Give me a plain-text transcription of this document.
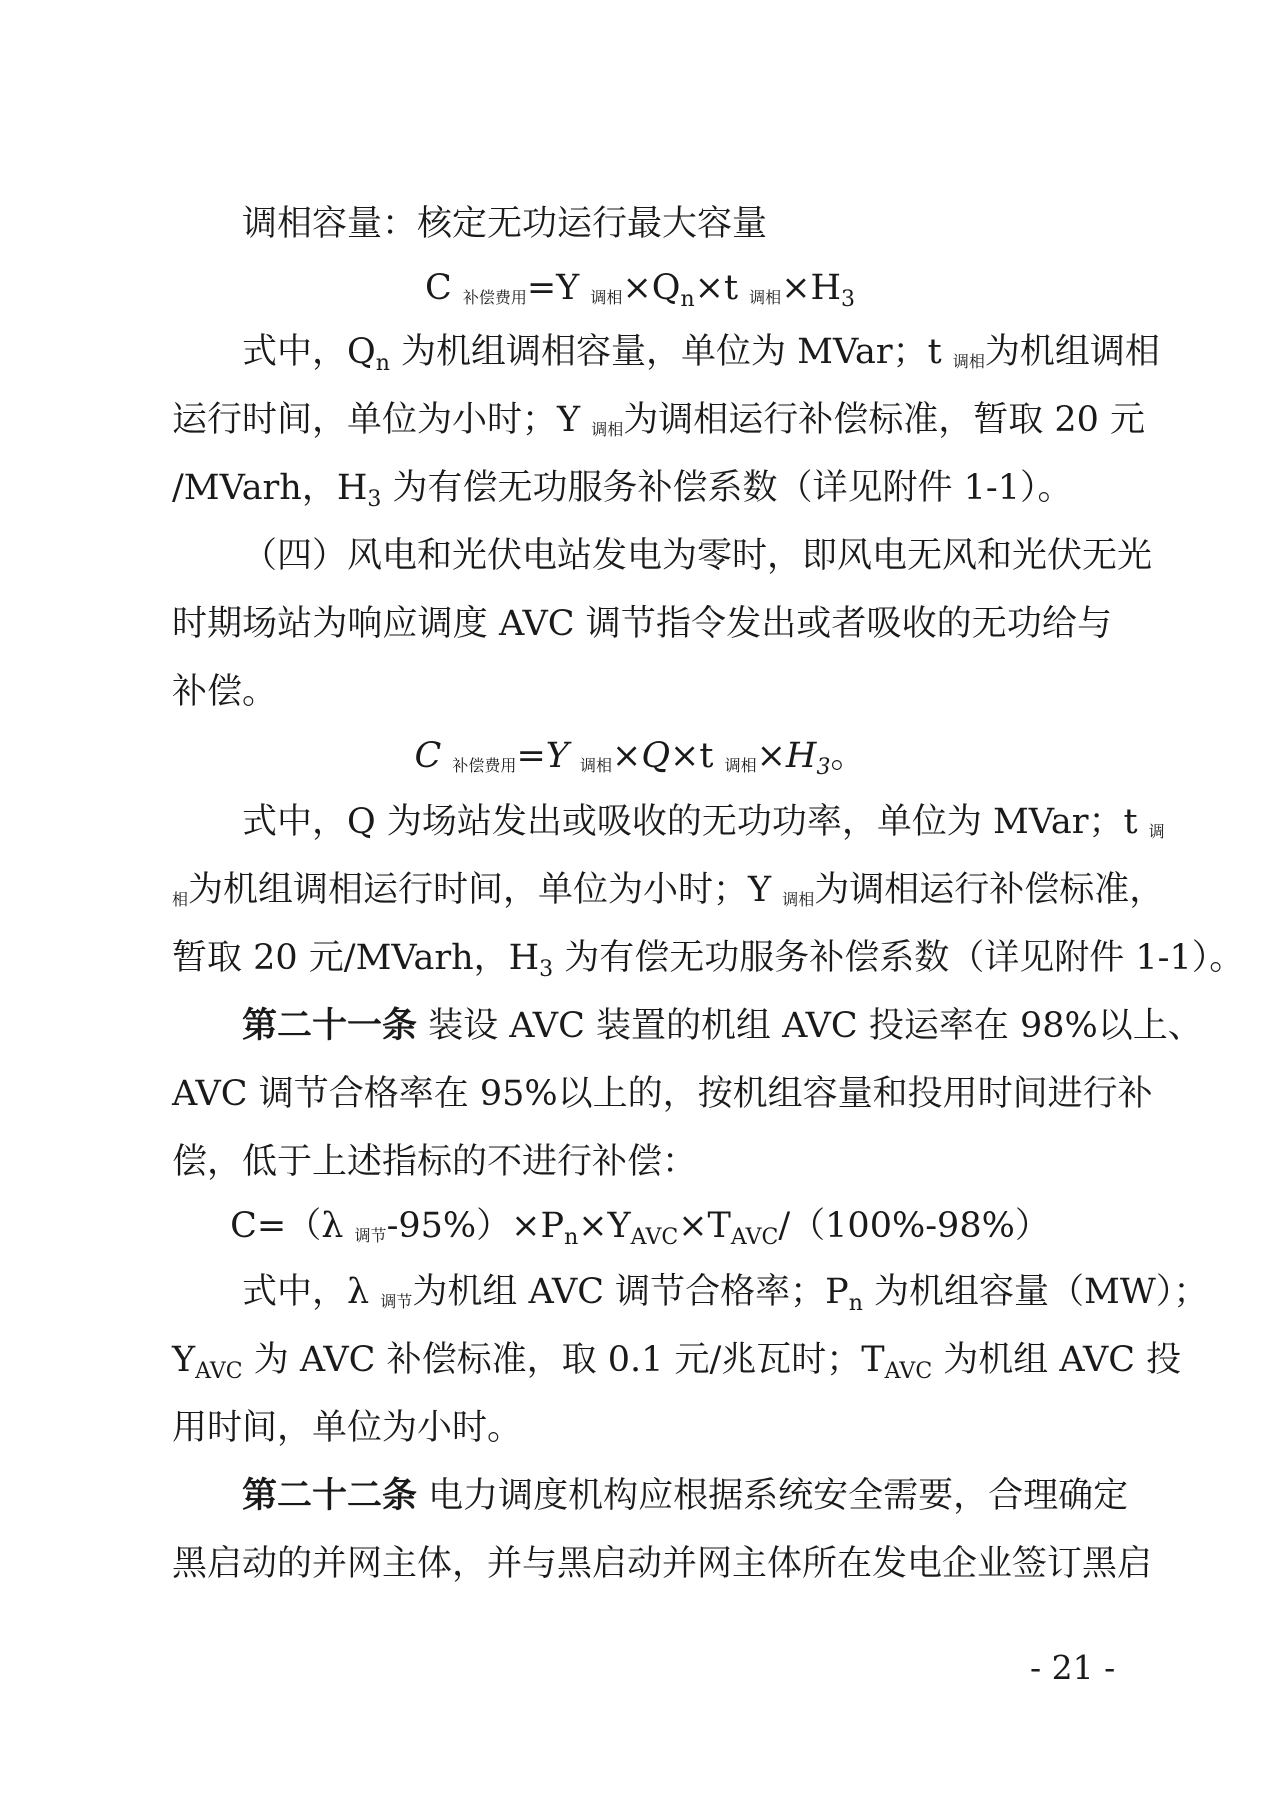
调相容量：核定无功运行最大容量
C $_{补偿费用}$=Y $_{调相}\times Q_n\times t$ $_{调相}\times H_3$
式中，$Q_n$ 为机组调相容量，单位为 MVar；t $_{调相}$为机组调相
运行时间，单位为小时；Y $_{调相}$为调相运行补偿标准，暂取 20 元
/MVarh，$H_3$ 为有偿无功服务补偿系数（详见附件 1-1）。
（四）风电和光伏电站发电为零时，即风电无风和光伏无光
时期场站为响应调度 AVC 调节指令发出或者吸收的无功给与
补偿。
C $_{补偿费用}$=Y $_{调相}$×Q×t $_{调相}\times H_3$。
式中，Q 为场站发出或吸收的无功功率，单位为 MVar；t $_调$
$_相$为机组调相运行时间，单位为小时；Y $_{调相}$为调相运行补偿标准，
暂取 20 元/MVarh，$H_3$ 为有偿无功服务补偿系数（详见附件 1-1）。
第二十一条 装设 AVC 装置的机组 AVC 投运率在 98%以上、
AVC 调节合格率在 95%以上的，按机组容量和投用时间进行补
偿，低于上述指标的不进行补偿：
C=（λ $_{调节}-95\%)\times P_n\times Y_{AVC}\times T_{AVC}/(100\%-98\%)$
式中，λ $_{调节}$为机组 AVC 调节合格率；$P_n$ 为机组容量（MW）；
$Y_{AVC}$ 为 AVC 补偿标准，取 0.1 元/兆瓦时；$T_{AVC}$ 为机组 AVC 投
用时间，单位为小时。
第二十二条 电力调度机构应根据系统安全需要，合理确定
黑启动的并网主体，并与黑启动并网主体所在发电企业签订黑启
- 21 -
